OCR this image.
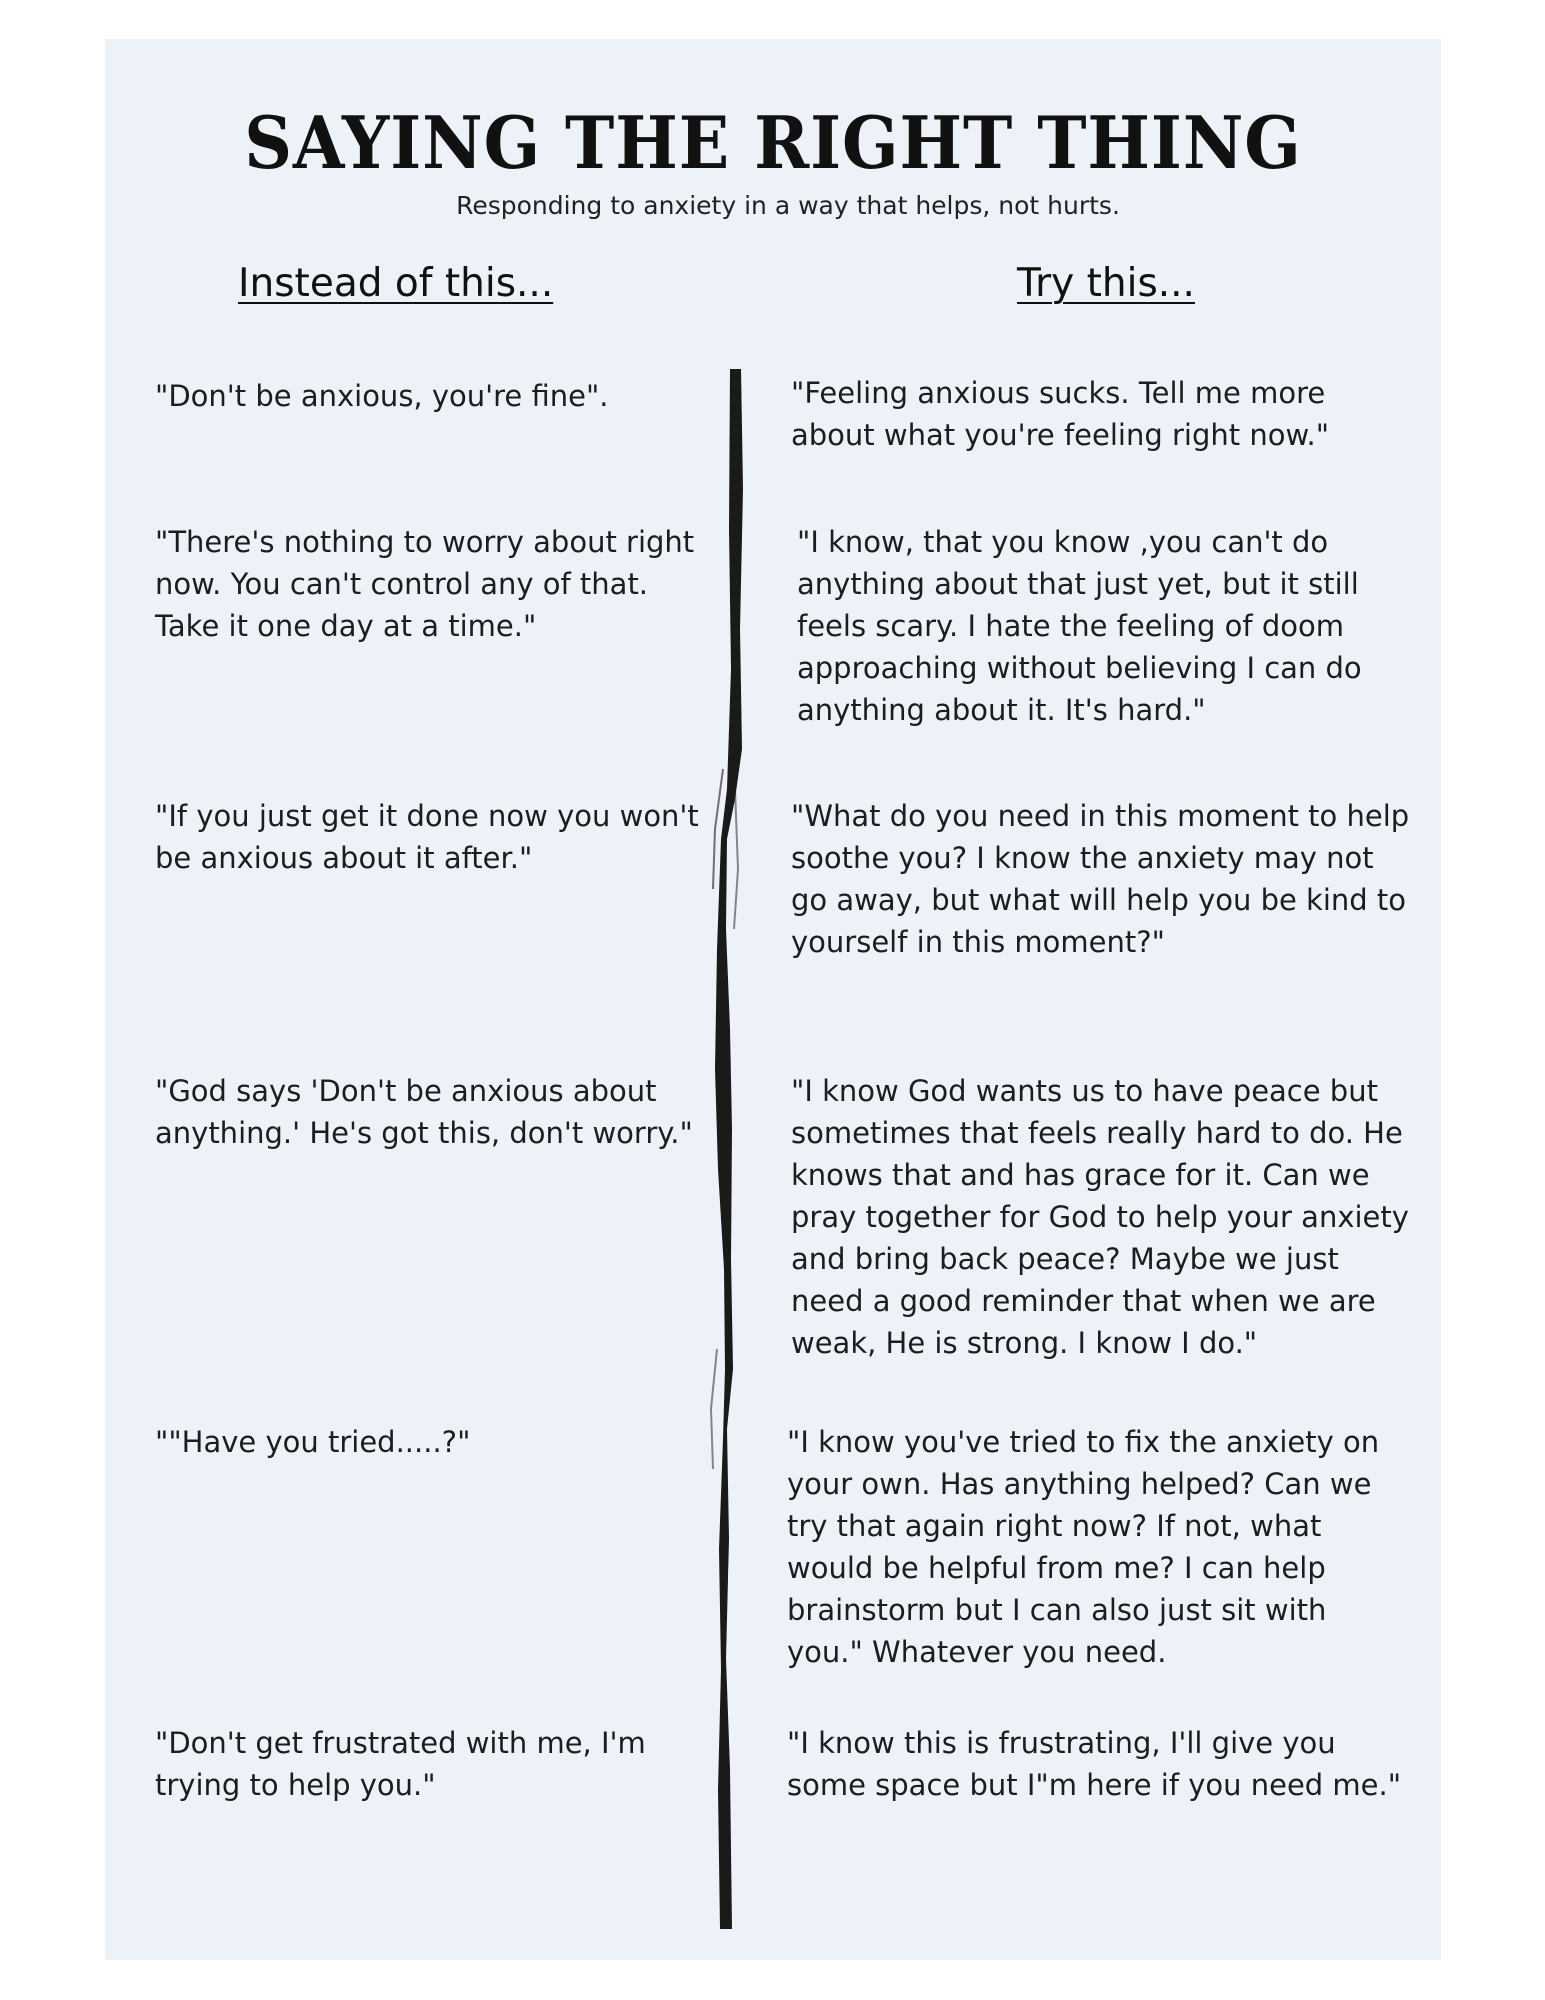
SAYING THE RIGHT THING
Responding to anxiety in a way that helps, not hurts.
Instead of this...	Try this...
"Don't be anxious, you're fine".
"There's nothing to worry about right now. You can't control any of that. Take it one day at a time."
"If you just get it done now you won't be anxious about it after."
"God says 'Don't be anxious about anything.' He's got this, don't worry."
""Have you tried.....?"
"Don't get frustrated with me, I'm trying to help you."
"Feeling anxious sucks. Tell me more about what you're feeling right now."
"I know, that you know ,you can't do anything about that just yet, but it still feels scary. I hate the feeling of doom approaching without believing I can do anything about it. It's hard."
"What do you need in this moment to help soothe you? I know the anxiety may not go away, but what will help you be kind to yourself in this moment?"
"I know God wants us to have peace but sometimes that feels really hard to do. He knows that and has grace for it. Can we pray together for God to help your anxiety and bring back peace? Maybe we just need a good reminder that when we are weak, He is strong. I know I do."
"I know you've tried to fix the anxiety on your own. Has anything helped? Can we try that again right now? If not, what would be helpful from me? I can help brainstorm but I can also just sit with you." Whatever you need.
"I know this is frustrating, I'll give you some space but I"m here if you need me."
